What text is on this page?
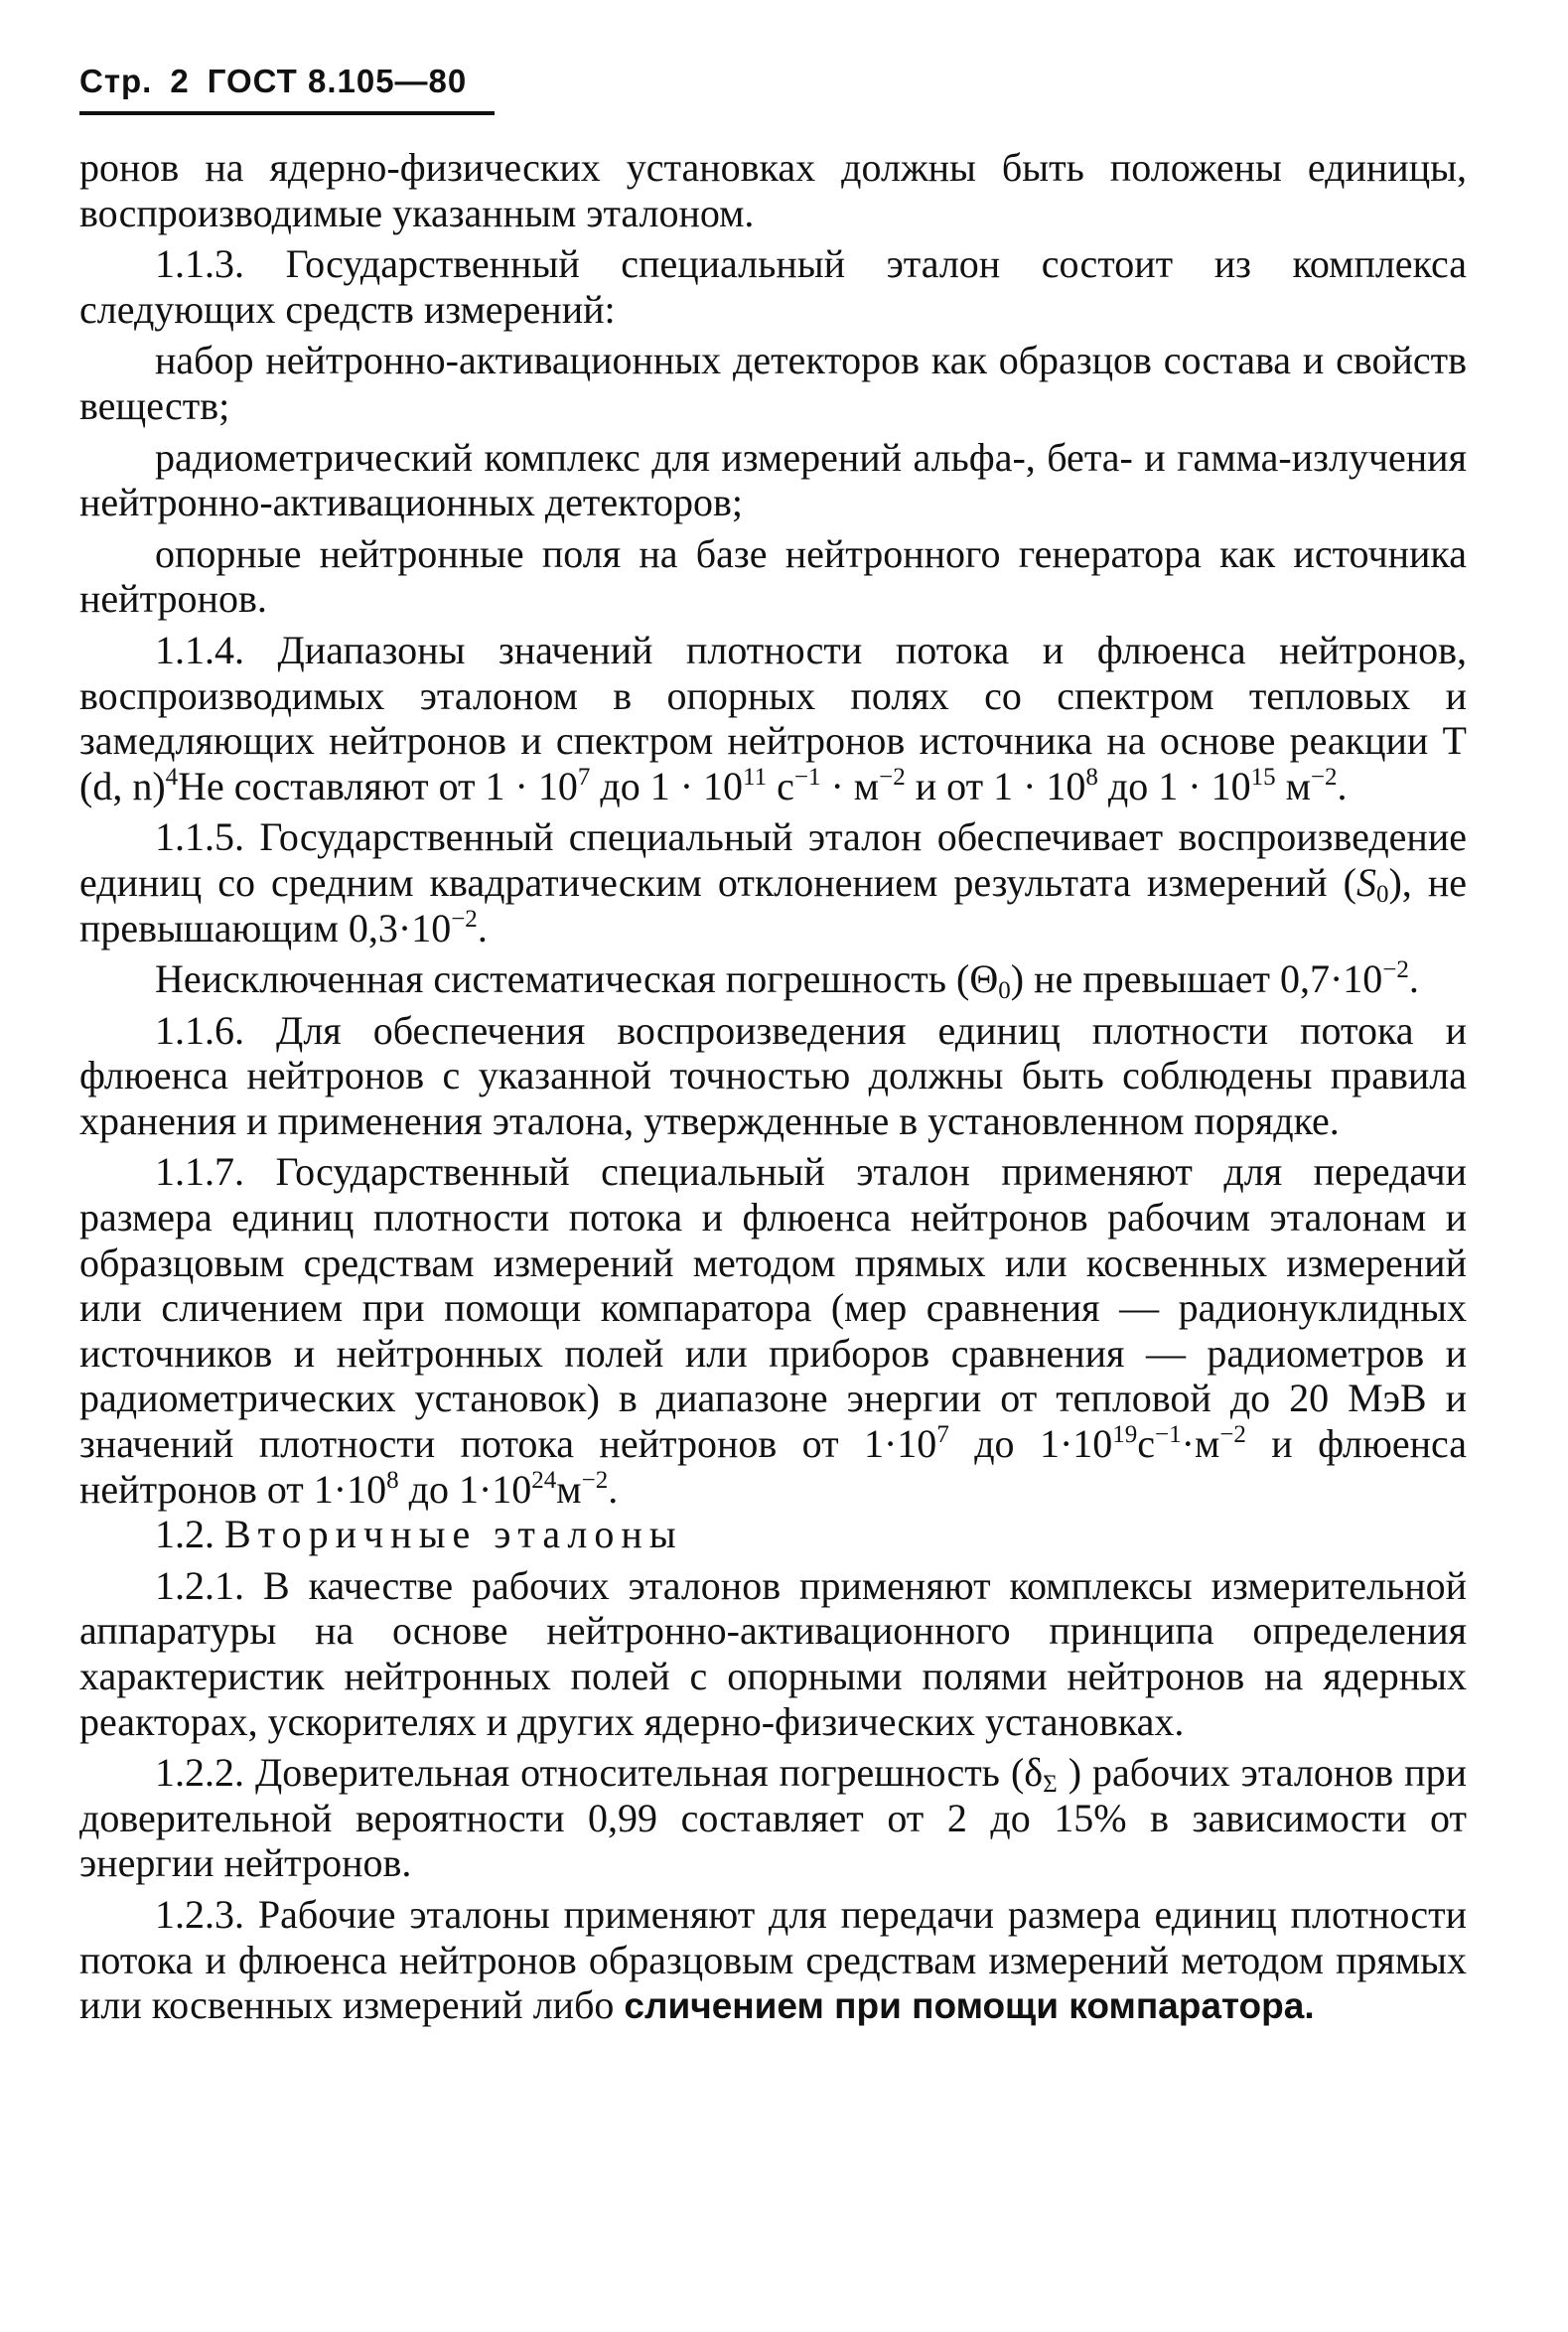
Стр. 2 ГОСТ 8.105—80

ронов на ядерно-физических установках должны быть положены единицы, воспроизводимые указанным эталоном.

1.1.3. Государственный специальный эталон состоит из комплекса следующих средств измерений:

набор нейтронно-активационных детекторов как образцов состава и свойств веществ;

радиометрический комплекс для измерений альфа-, бета- и гамма-излучения нейтронно-активационных детекторов;

опорные нейтронные поля на базе нейтронного генератора как источника нейтронов.

1.1.4. Диапазоны значений плотности потока и флюенса нейтронов, воспроизводимых эталоном в опорных полях со спектром тепловых и замедляющих нейтронов и спектром нейтронов источника на основе реакции T (d, n)$^4$He составляют от $1 \cdot 10^7$ до $1 \cdot 10^{11}$ $с^{-1} \cdot м^{-2}$ и от $1 \cdot 10^8$ до $1 \cdot 10^{15}$ $м^{-2}$.

1.1.5. Государственный специальный эталон обеспечивает воспроизведение единиц со средним квадратическим отклонением результата измерений $(S_0)$, не превышающим $0,3\cdot 10^{-2}$.

Неисключенная систематическая погрешность $(\Theta_0)$ не превышает $0,7\cdot 10^{-2}$.

1.1.6. Для обеспечения воспроизведения единиц плотности потока и флюенса нейтронов с указанной точностью должны быть соблюдены правила хранения и применения эталона, утвержденные в установленном порядке.

1.1.7. Государственный специальный эталон применяют для передачи размера единиц плотности потока и флюенса нейтронов рабочим эталонам и образцовым средствам измерений методом прямых или косвенных измерений или сличением при помощи компаратора (мер сравнения — радионуклидных источников и нейтронных полей или приборов сравнения — радиометров и радиометрических установок) в диапазоне энергии от тепловой до 20 МэВ и значений плотности потока нейтронов от $1\cdot 10^7$ до $1\cdot 10^{19}с^{-1}\cdot м^{-2}$ и флюенса нейтронов от $1\cdot 10^8$ до $1\cdot 10^{24}м^{-2}$.

1.2. Вторичные эталоны

1.2.1. В качестве рабочих эталонов применяют комплексы измерительной аппаратуры на основе нейтронно-активационного принципа определения характеристик нейтронных полей с опорными полями нейтронов на ядерных реакторах, ускорителях и других ядерно-физических установках.

1.2.2. Доверительная относительная погрешность ($\delta_\Sigma$ ) рабочих эталонов при доверительной вероятности 0,99 составляет от 2 до 15% в зависимости от энергии нейтронов.

1.2.3. Рабочие эталоны применяют для передачи размера единиц плотности потока и флюенса нейтронов образцовым средствам измерений методом прямых или косвенных измерений либо сличением при помощи компаратора.
